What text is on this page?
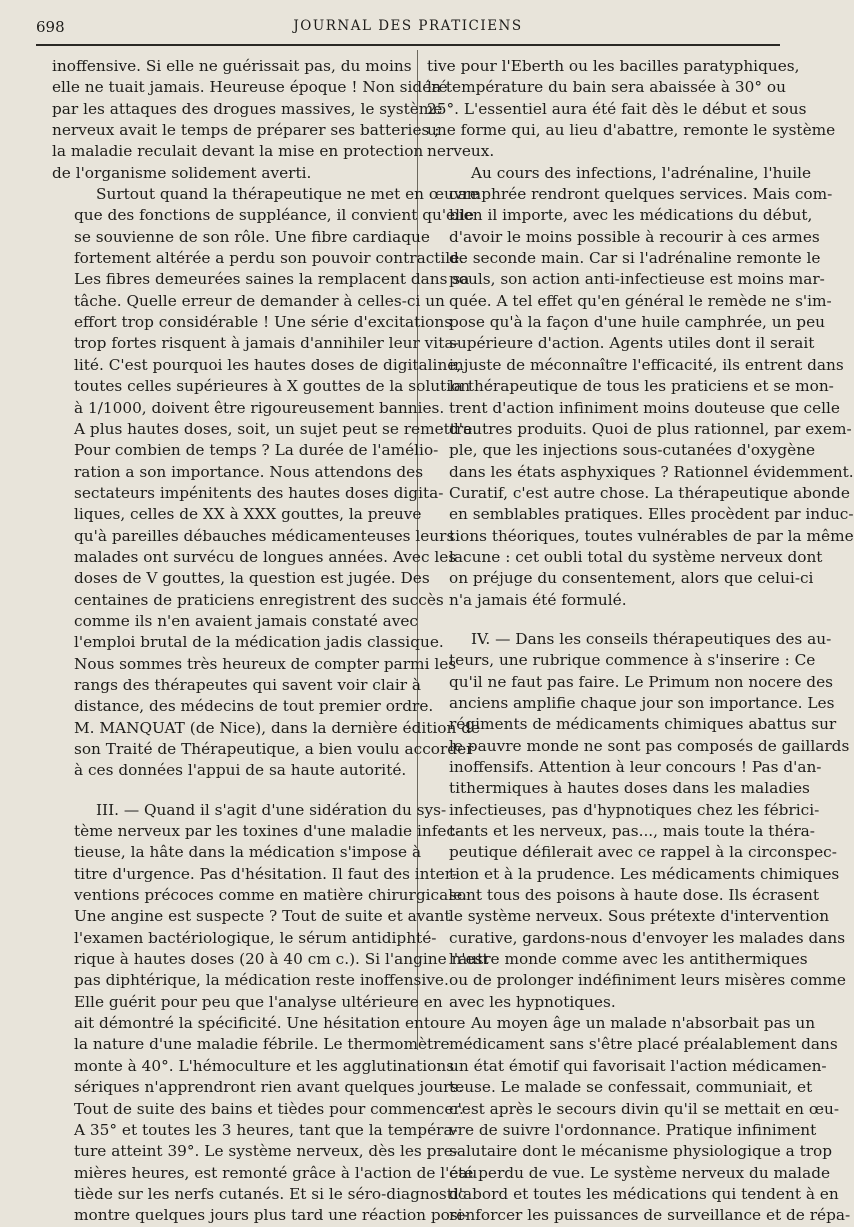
698	JOURNAL DES PRATICIENS

inoffensive. Si elle ne guérissait pas, du moins
elle ne tuait jamais. Heureuse époque ! Non sidéré
par les attaques des drogues massives, le système
nerveux avait le temps de préparer ses batteries ;
la maladie reculait devant la mise en protection
de l'organisme solidement averti.

Surtout quand la thérapeutique ne met en œuvre
que des fonctions de suppléance, il convient qu'elle
se souvienne de son rôle. Une fibre cardiaque
fortement altérée a perdu son pouvoir contractile.
Les fibres demeurées saines la remplacent dans sa
tâche. Quelle erreur de demander à celles-ci un
effort trop considérable ! Une série d'excitations
trop fortes risquent à jamais d'annihiler leur vita-
lité. C'est pourquoi les hautes doses de digitaline,
toutes celles supérieures à X gouttes de la solution
à 1/1000, doivent être rigoureusement bannies.
A plus hautes doses, soit, un sujet peut se remettre.
Pour combien de temps ? La durée de l'amélio-
ration a son importance. Nous attendons des
sectateurs impénitents des hautes doses digita-
liques, celles de XX à XXX gouttes, la preuve
qu'à pareilles débauches médicamenteuses leurs
malades ont survécu de longues années. Avec les
doses de V gouttes, la question est jugée. Des
centaines de praticiens enregistrent des succès
comme ils n'en avaient jamais constaté avec
l'emploi brutal de la médication jadis classique.
Nous sommes très heureux de compter parmi les
rangs des thérapeutes qui savent voir clair à
distance, des médecins de tout premier ordre.
M. MANQUAT (de Nice), dans la dernière édition de
son Traité de Thérapeutique, a bien voulu accorder
à ces données l'appui de sa haute autorité.

III. — Quand il s'agit d'une sidération du sys-
tème nerveux par les toxines d'une maladie infec-
tieuse, la hâte dans la médication s'impose à
titre d'urgence. Pas d'hésitation. Il faut des inter-
ventions précoces comme en matière chirurgicale.
Une angine est suspecte ? Tout de suite et avant
l'examen bactériologique, le sérum antidiphté-
rique à hautes doses (20 à 40 cm c.). Si l'angine n'est
pas diphtérique, la médication reste inoffensive.
Elle guérit pour peu que l'analyse ultérieure en
ait démontré la spécificité. Une hésitation entoure
la nature d'une maladie fébrile. Le thermomètre
monte à 40°. L'hémoculture et les agglutinations
sériques n'apprendront rien avant quelques jours.
Tout de suite des bains et tièdes pour commencer.
A 35° et toutes les 3 heures, tant que la tempéra-
ture atteint 39°. Le système nerveux, dès les pre-
mières heures, est remonté grâce à l'action de l'eau
tiède sur les nerfs cutanés. Et si le séro-diagnostic
montre quelques jours plus tard une réaction posi-

tive pour l'Eberth ou les bacilles paratyphiques,
la température du bain sera abaissée à 30° ou
25°. L'essentiel aura été fait dès le début et sous
une forme qui, au lieu d'abattre, remonte le système
nerveux.

Au cours des infections, l'adrénaline, l'huile
camphrée rendront quelques services. Mais com-
bien il importe, avec les médications du début,
d'avoir le moins possible à recourir à ces armes
de seconde main. Car si l'adrénaline remonte le
pouls, son action anti-infectieuse est moins mar-
quée. A tel effet qu'en général le remède ne s'im-
pose qu'à la façon d'une huile camphrée, un peu
supérieure d'action. Agents utiles dont il serait
injuste de méconnaître l'efficacité, ils entrent dans
la thérapeutique de tous les praticiens et se mon-
trent d'action infiniment moins douteuse que celle
d'autres produits. Quoi de plus rationnel, par exem-
ple, que les injections sous-cutanées d'oxygène
dans les états asphyxiques ? Rationnel évidemment.
Curatif, c'est autre chose. La thérapeutique abonde
en semblables pratiques. Elles procèdent par induc-
tions théoriques, toutes vulnérables de par la même
lacune : cet oubli total du système nerveux dont
on préjuge du consentement, alors que celui-ci
n'a jamais été formulé.

IV. — Dans les conseils thérapeutiques des au-
teurs, une rubrique commence à s'inserire : Ce
qu'il ne faut pas faire. Le Primum non nocere des
anciens amplifie chaque jour son importance. Les
régiments de médicaments chimiques abattus sur
le pauvre monde ne sont pas composés de gaillards
inoffensifs. Attention à leur concours ! Pas d'an-
tithermiques à hautes doses dans les maladies
infectieuses, pas d'hypnotiques chez les fébrici-
tants et les nerveux, pas..., mais toute la théra-
peutique défilerait avec ce rappel à la circonspec-
tion et à la prudence. Les médicaments chimiques
sont tous des poisons à haute dose. Ils écrasent
le système nerveux. Sous prétexte d'intervention
curative, gardons-nous d'envoyer les malades dans
l'autre monde comme avec les antithermiques
ou de prolonger indéfiniment leurs misères comme
avec les hypnotiques.

Au moyen âge un malade n'absorbait pas un
médicament sans s'être placé préalablement dans
un état émotif qui favorisait l'action médicamen-
teuse. Le malade se confessait, communiait, et
c'est après le secours divin qu'il se mettait en œu-
vre de suivre l'ordonnance. Pratique infiniment
salutaire dont le mécanisme physiologique a trop
été perdu de vue. Le système nerveux du malade
d'abord et toutes les médications qui tendent à en
renforcer les puissances de surveillance et de répa-
